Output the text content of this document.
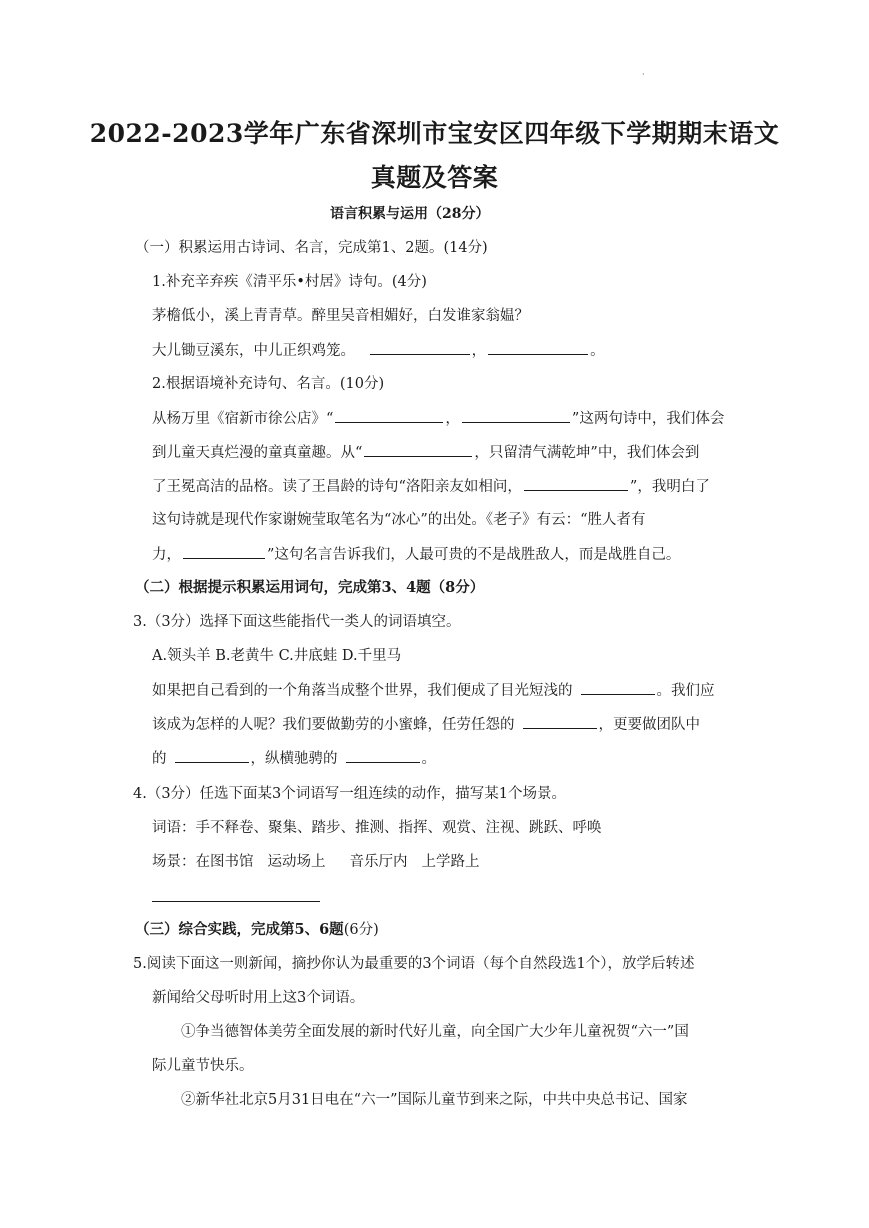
·
2022-2023学年广东省深圳市宝安区四年级下学期期末语文
真题及答案
语言积累与运用（28分）
（一）积累运用古诗词、名言，完成第1、2题。(14分)
1.补充辛弃疾《清平乐•村居》诗句。(4分)
茅檐低小，溪上青青草。醉里吴音相媚好，白发谁家翁媪？
大儿锄豆溪东，中儿正织鸡笼。	，	。
2.根据语境补充诗句、名言。(10分)
从杨万里《宿新市徐公店》“	，	”这两句诗中，我们体会
到儿童天真烂漫的童真童趣。从“	，只留清气满乾坤”中，我们体会到
了王冕高洁的品格。读了王昌龄的诗句“洛阳亲友如相问，	”，我明白了
这句诗就是现代作家谢婉莹取笔名为“冰心”的出处。《老子》有云：“胜人者有
力，	”这句名言告诉我们，人最可贵的不是战胜敌人，而是战胜自己。
（二）根据提示积累运用词句，完成第3、4题（8分）
3.（3分）选择下面这些能指代一类人的词语填空。
A.领头羊 B.老黄牛 C.井底蛙 D.千里马
如果把自己看到的一个角落当成整个世界，我们便成了目光短浅的	。我们应
该成为怎样的人呢？我们要做勤劳的小蜜蜂，任劳任怨的	，更要做团队中
的	，纵横驰骋的	。
4.（3分）任选下面某3个词语写一组连续的动作，描写某1个场景。
词语：手不释卷、聚集、踏步、推测、指挥、观赏、注视、跳跃、呼唤
场景：在图书馆 运动场上 音乐厅内 上学路上
（三）综合实践，完成第5、6题(6分)
5.阅读下面这一则新闻，摘抄你认为最重要的3个词语（每个自然段选1个），放学后转述
新闻给父母听时用上这3个词语。
①争当德智体美劳全面发展的新时代好儿童，向全国广大少年儿童祝贺“六一”国
际儿童节快乐。
②新华社北京5月31日电在“六一”国际儿童节到来之际，中共中央总书记、国家
